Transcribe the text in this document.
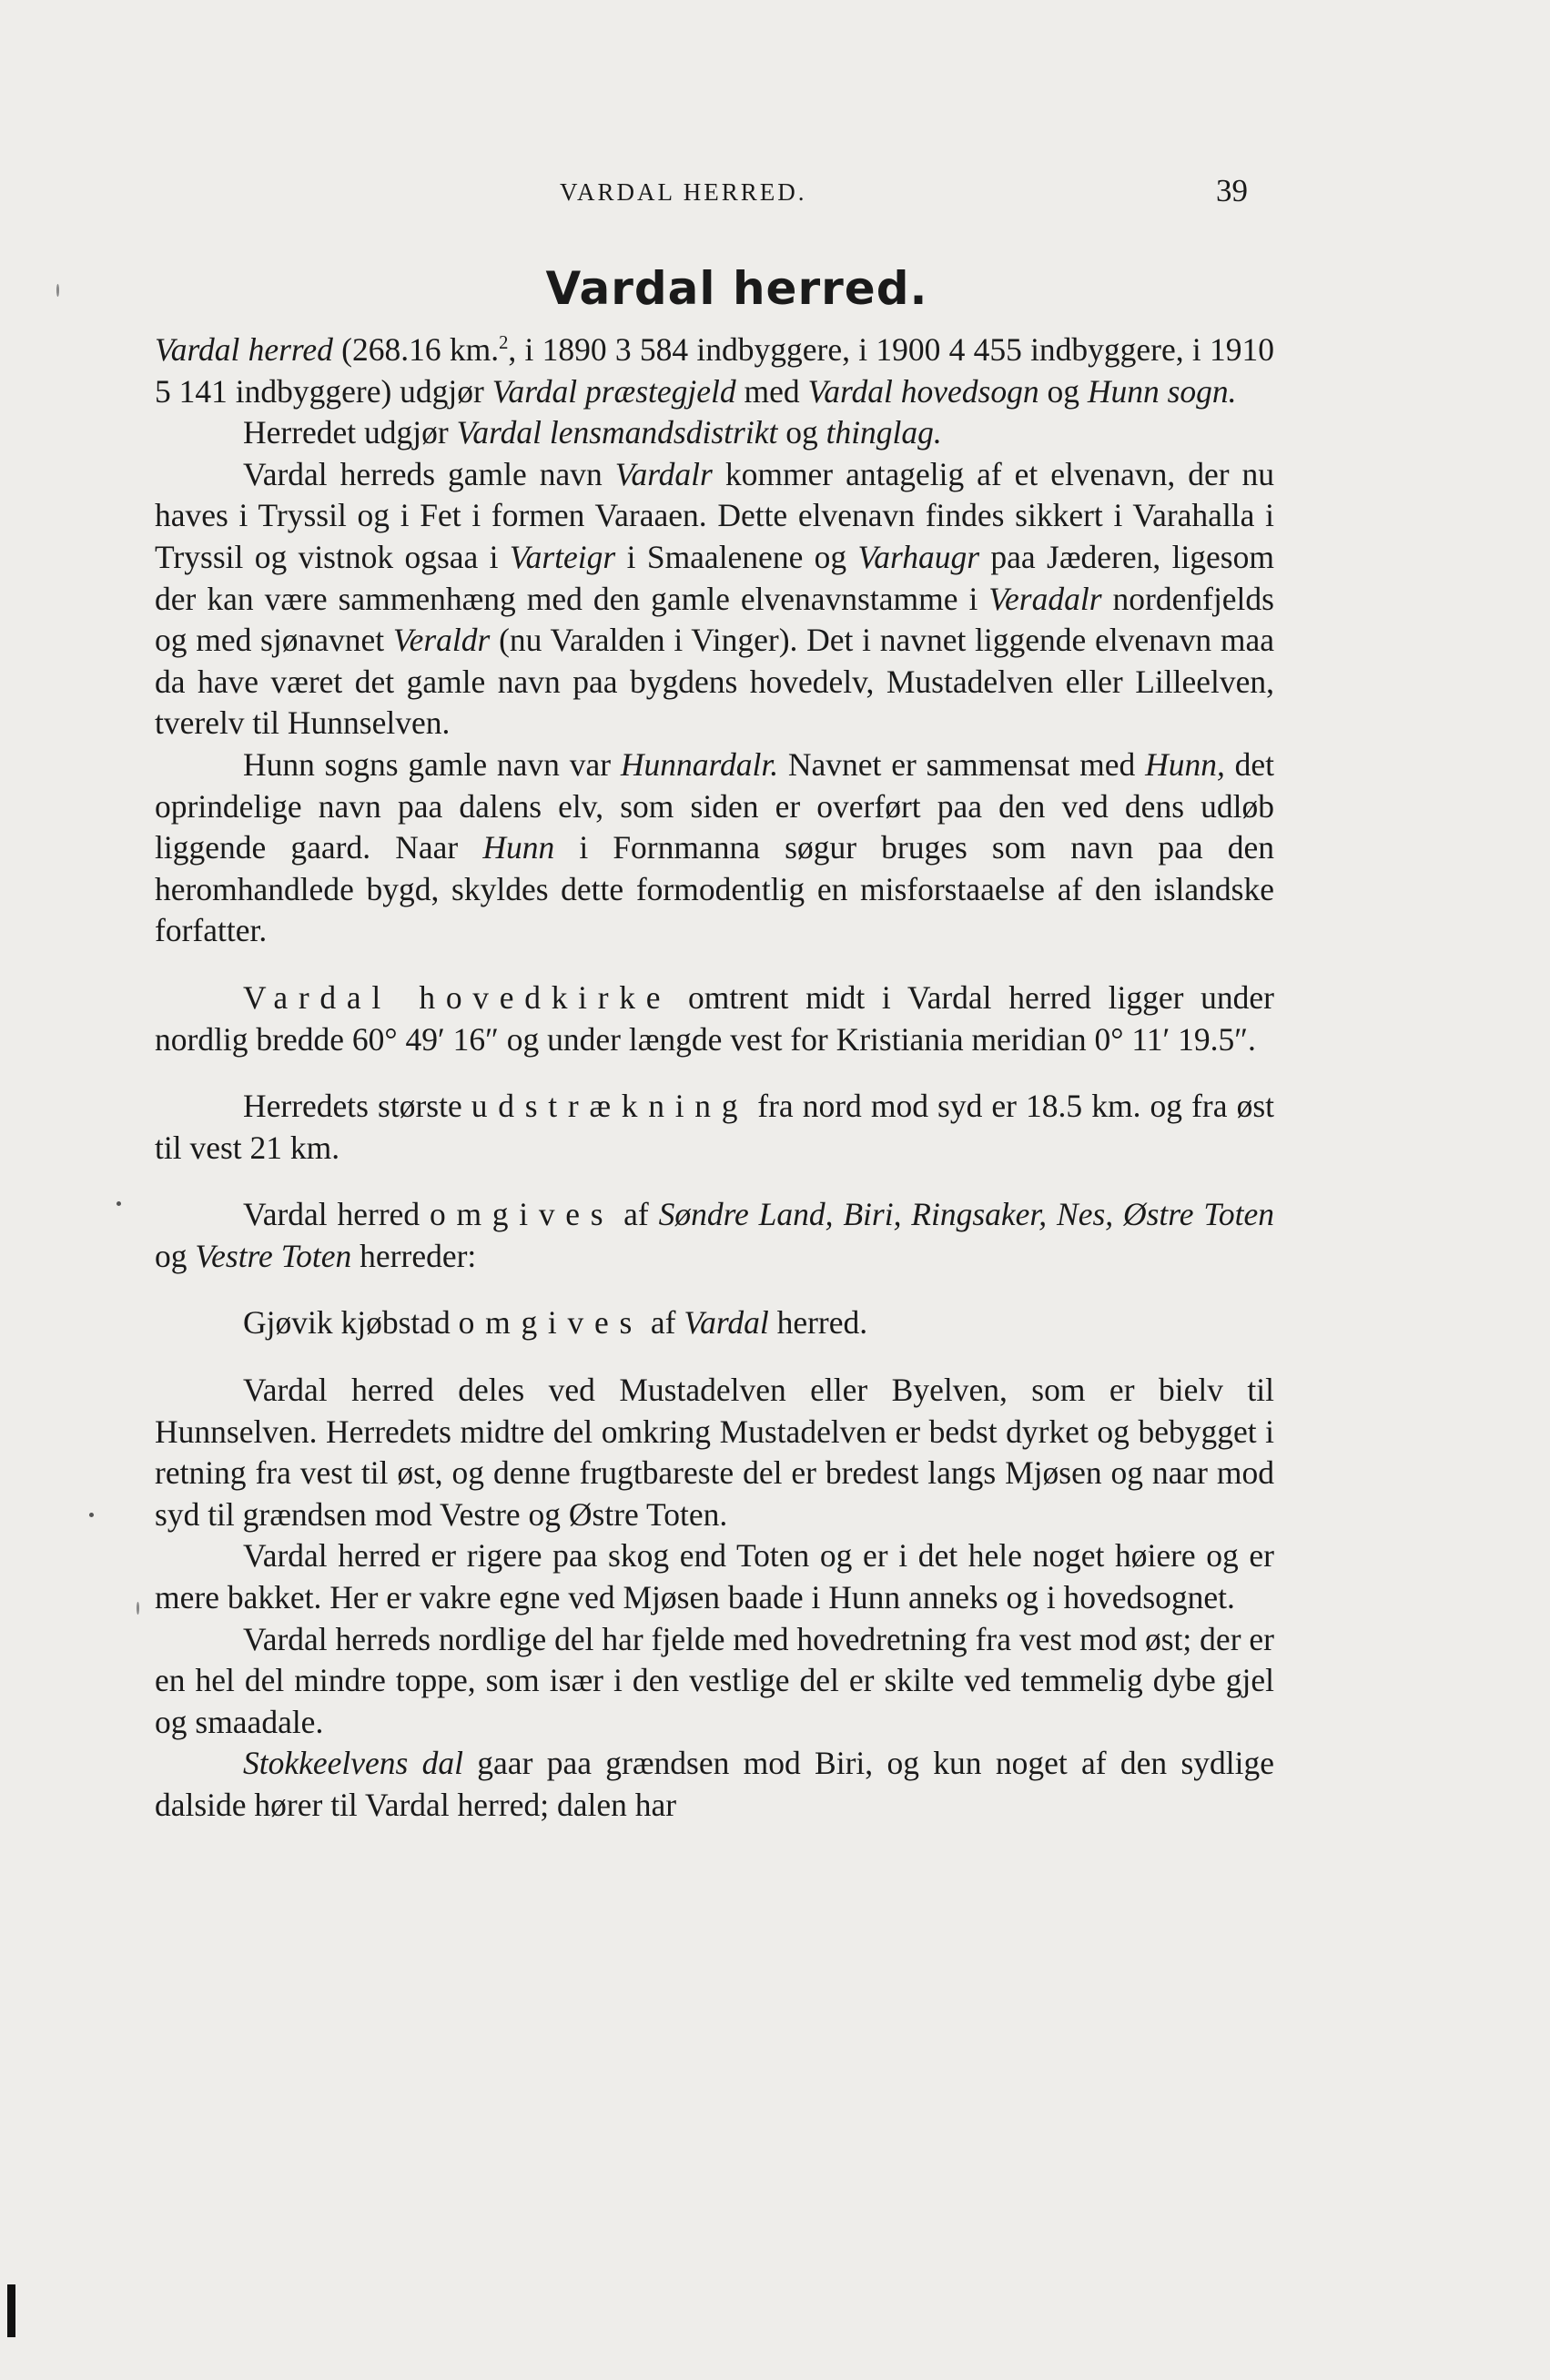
VARDAL HERRED.	39
Vardal herred.

Vardal herred (268.16 km.$^2$, i 1890 3 584 indbyggere, i 1900 4 455 indbyggere, i 1910 5 141 indbyggere) udgjør Vardal præstegjeld med Vardal hovedsogn og Hunn sogn.

Herredet udgjør Vardal lensmandsdistrikt og thinglag.

Vardal herreds gamle navn Vardalr kommer antagelig af et elvenavn, der nu haves i Tryssil og i Fet i formen Varaaen. Dette elvenavn findes sikkert i Varahalla i Tryssil og vistnok ogsaa i Varteigr i Smaalenene og Varhaugr paa Jæderen, ligesom der kan være sammenhæng med den gamle elvenavnstamme i Veradalr nordenfjelds og med sjønavnet Veraldr (nu Varalden i Vinger). Det i navnet liggende elvenavn maa da have været det gamle navn paa bygdens hovedelv, Mustadelven eller Lilleelven, tverelv til Hunnselven.

Hunn sogns gamle navn var Hunnardalr. Navnet er sammensat med Hunn, det oprindelige navn paa dalens elv, som siden er overført paa den ved dens udløb liggende gaard. Naar Hunn i Fornmanna søgur bruges som navn paa den heromhandlede bygd, skyldes dette formodentlig en misforstaaelse af den islandske forfatter.

Vardal hovedkirke omtrent midt i Vardal herred ligger under nordlig bredde 60° 49′ 16″ og under længde vest for Kristiania meridian 0° 11′ 19.5″.

Herredets største udstrækning fra nord mod syd er 18.5 km. og fra øst til vest 21 km.

Vardal herred omgives af Søndre Land, Biri, Ringsaker, Nes, Østre Toten og Vestre Toten herreder:

Gjøvik kjøbstad omgives af Vardal herred.

Vardal herred deles ved Mustadelven eller Byelven, som er bielv til Hunnselven. Herredets midtre del omkring Mustadelven er bedst dyrket og bebygget i retning fra vest til øst, og denne frugtbareste del er bredest langs Mjøsen og naar mod syd til grændsen mod Vestre og Østre Toten.

Vardal herred er rigere paa skog end Toten og er i det hele noget høiere og er mere bakket. Her er vakre egne ved Mjøsen baade i Hunn anneks og i hovedsognet.

Vardal herreds nordlige del har fjelde med hovedretning fra vest mod øst; der er en hel del mindre toppe, som især i den vestlige del er skilte ved temmelig dybe gjel og smaadale.

Stokkeelvens dal gaar paa grændsen mod Biri, og kun noget af den sydlige dalside hører til Vardal herred; dalen har
